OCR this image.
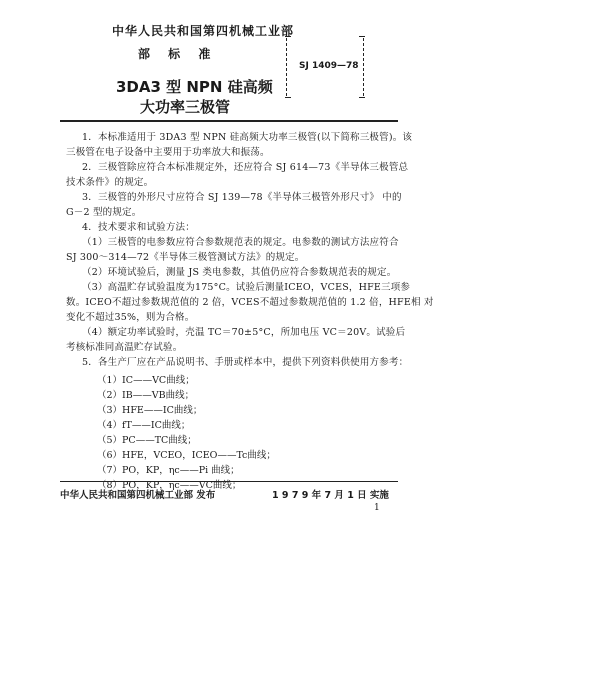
中华人民共和国第四机械工业部
部 标 准
SJ 1409—78
3DA3 型 NPN 硅高频
大功率三极管
1．本标准适用于 3DA3 型 NPN 硅高频大功率三极管(以下简称三极管)。该
三极管在电子设备中主要用于功率放大和振荡。
2．三极管除应符合本标准规定外，还应符合 SJ 614—73《半导体三极管总
技术条件》的规定。
3．三极管的外形尺寸应符合 SJ 139—78《半导体三极管外形尺寸》 中的
G－2 型的规定。
4．技术要求和试验方法：
（1）三极管的电参数应符合参数规范表的规定。电参数的测试方法应符合
SJ 300～314—72《半导体三极管测试方法》的规定。
（2）环境试验后，测量 JS 类电参数，其值仍应符合参数规范表的规定。
（3）高温贮存试验温度为175°C。试验后测量ICEO，VCES，HFE三项参
数。ICEO不超过参数规范值的 2 倍，VCES不超过参数规范值的 1.2 倍，HFE相 对
变化不超过35%，则为合格。
（4）额定功率试验时，壳温 TC＝70±5°C，所加电压 VC＝20V。试验后
考核标准同高温贮存试验。
5．各生产厂应在产品说明书、手册或样本中，提供下列资料供使用方参考：
（1）IC——VC曲线；
（2）IB——VB曲线；
（3）HFE——IC曲线；
（4）fT——IC曲线；
（5）PC——TC曲线；
（6）HFE，VCEO，ICEO——Tc曲线；
（7）PO，KP，ηc——Pi 曲线；
（8）PO，KP，ηc——VC曲线；
中华人民共和国第四机械工业部 发布	1 9 7 9 年 7 月 1 日 实施
1
